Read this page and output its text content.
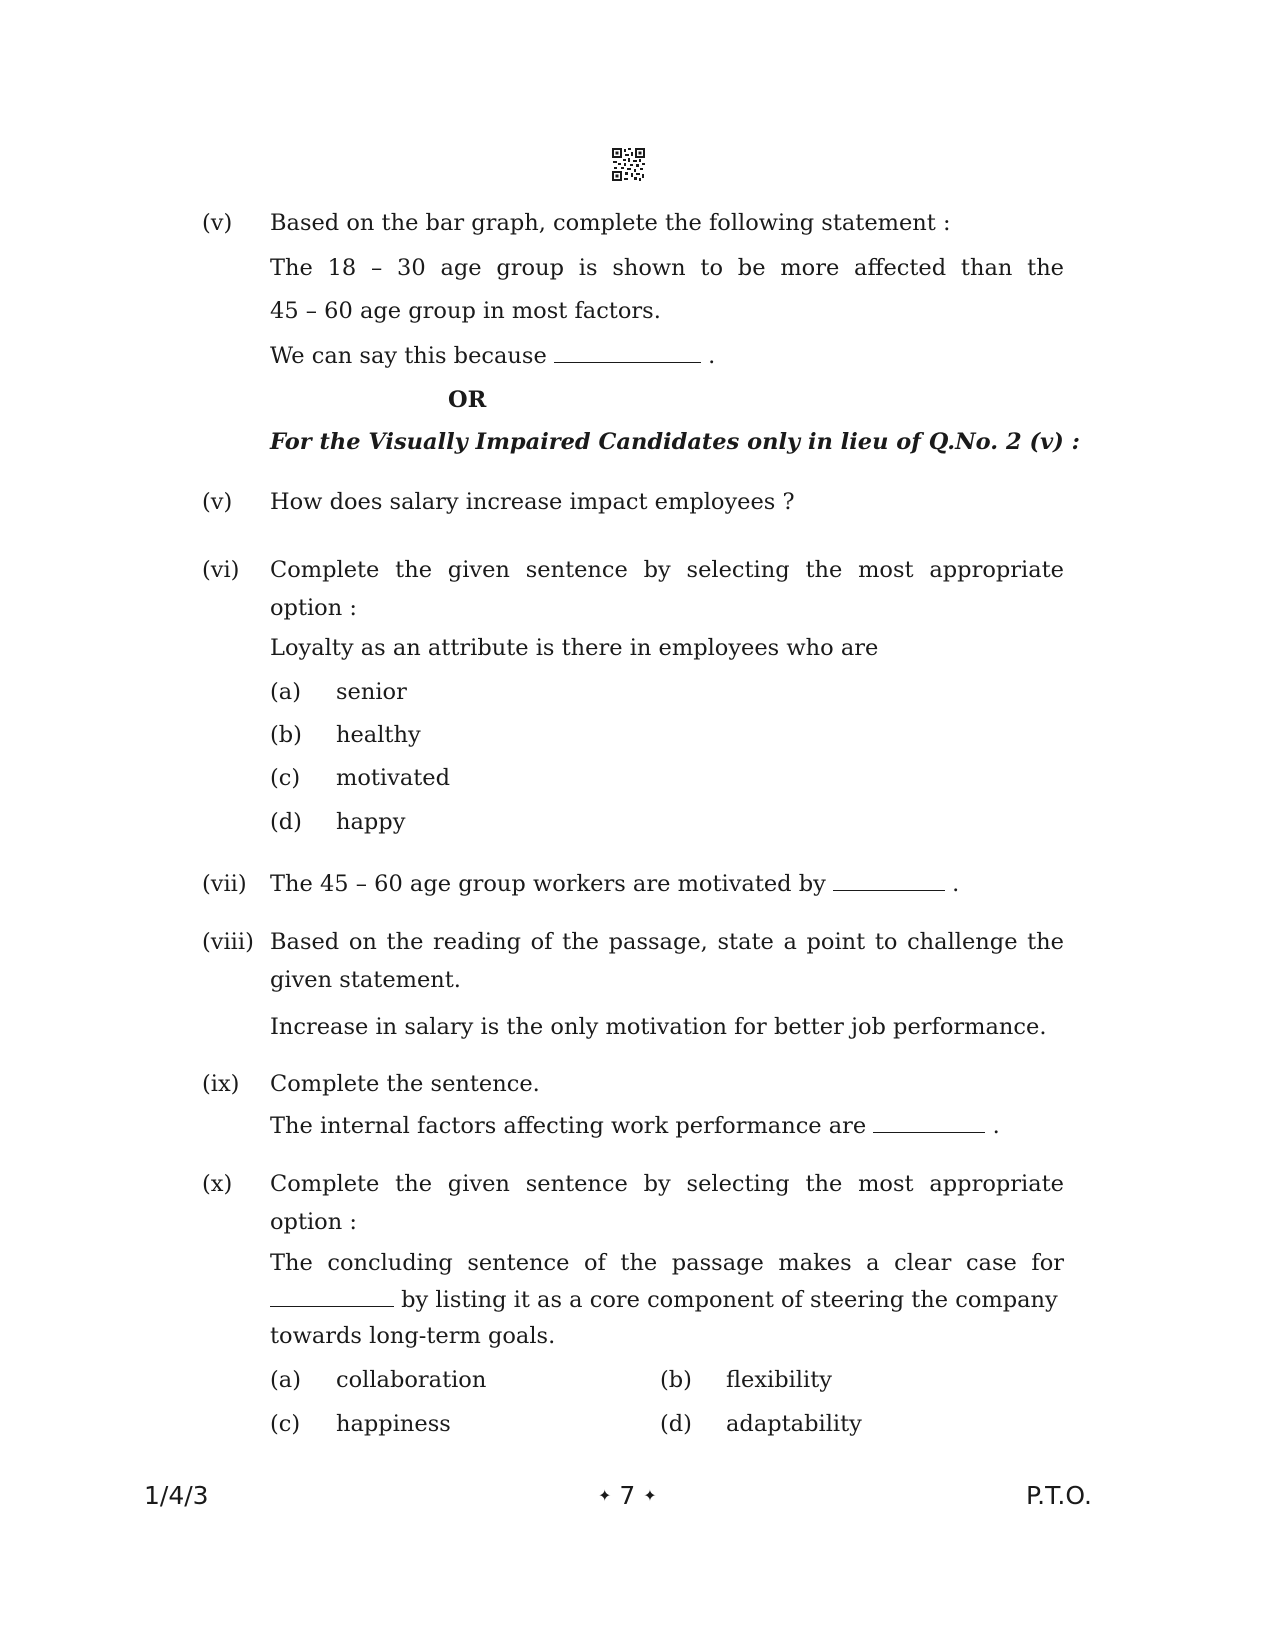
(v) Based on the bar graph, complete the following statement :
The 18 – 30 age group is shown to be more affected than the
45 – 60 age group in most factors.
We can say this because	.
OR
For the Visually Impaired Candidates only in lieu of Q.No. 2 (v) :
(v) How does salary increase impact employees ?
(vi) Complete the given sentence by selecting the most appropriate
option :
Loyalty as an attribute is there in employees who are
(a) senior
(b) healthy
(c) motivated
(d) happy
(vii) The 45 – 60 age group workers are motivated by	.
(viii) Based on the reading of the passage, state a point to challenge the
given statement.
Increase in salary is the only motivation for better job performance.
(ix) Complete the sentence.
The internal factors affecting work performance are	.
(x) Complete the given sentence by selecting the most appropriate
option :
The concluding sentence of the passage makes a clear case for
by listing it as a core component of steering the company
towards long-term goals.
(a) collaboration	(b) flexibility
(c) happiness	(d) adaptability
1/4/3	✦ 7 ✦	P.T.O.
